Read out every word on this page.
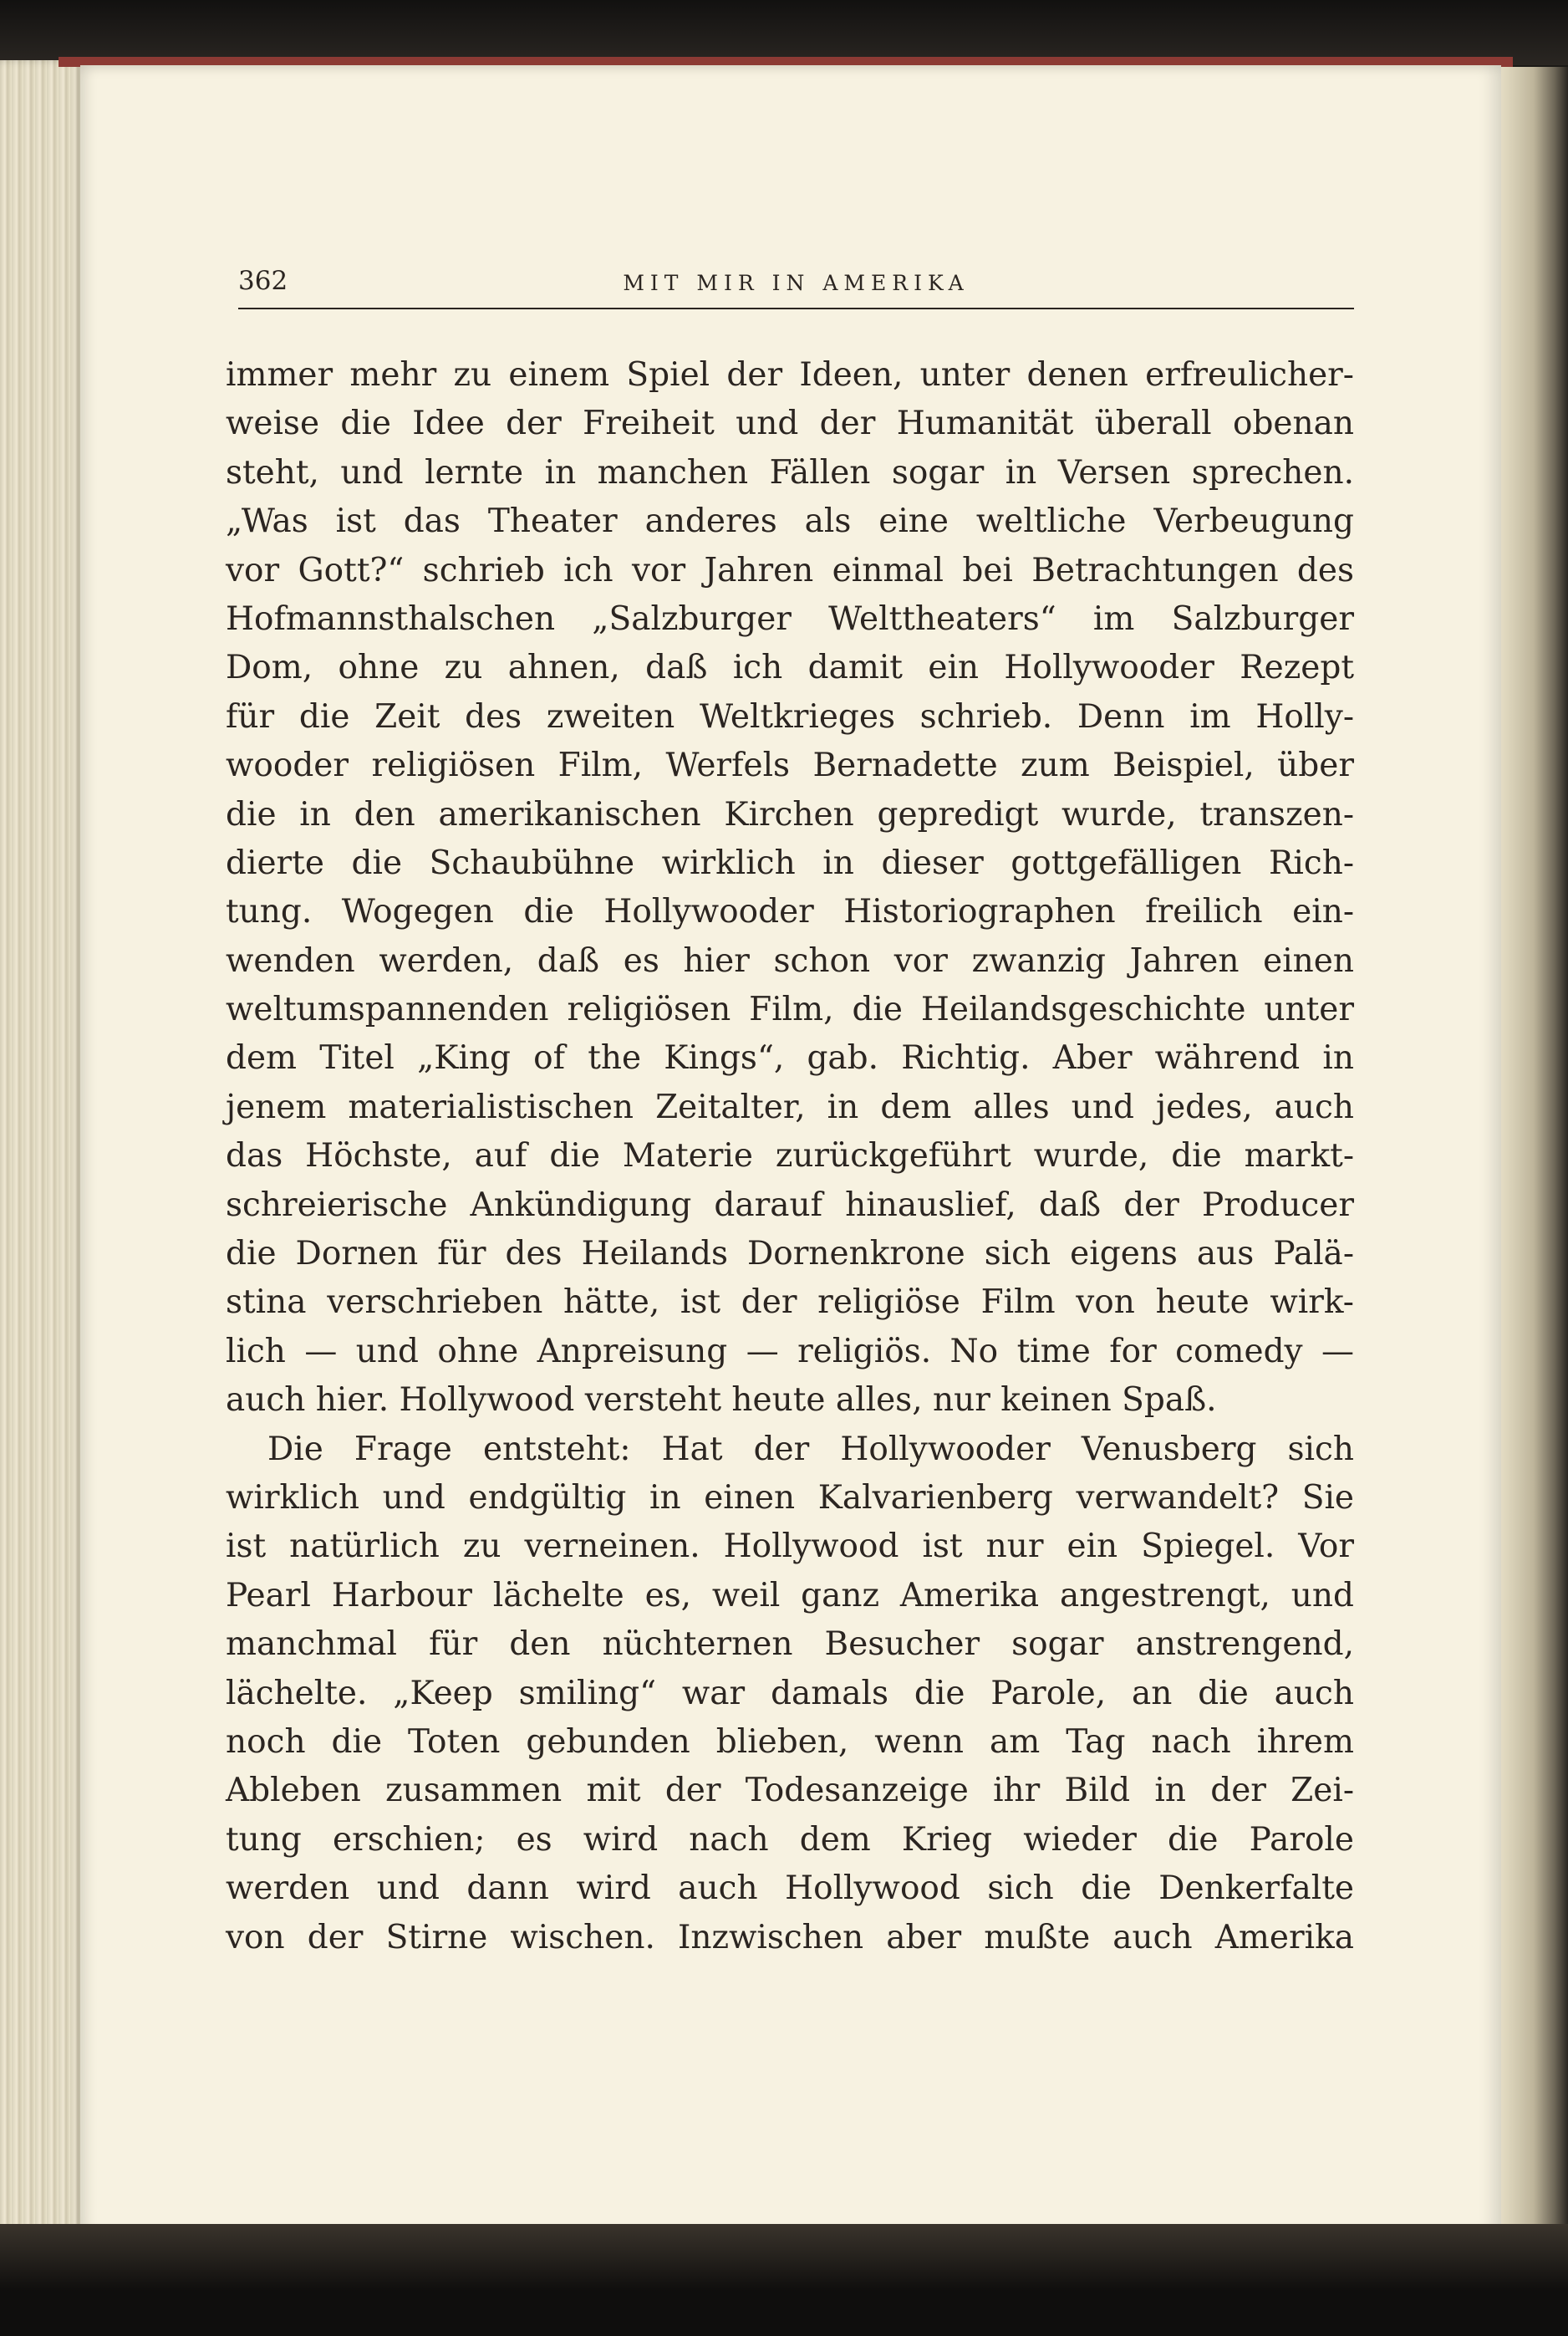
362	MIT MIR IN AMERIKA
immer mehr zu einem Spiel der Ideen, unter denen erfreulicher-
weise die Idee der Freiheit und der Humanität überall obenan
steht, und lernte in manchen Fällen sogar in Versen sprechen.
„Was ist das Theater anderes als eine weltliche Verbeugung
vor Gott?“ schrieb ich vor Jahren einmal bei Betrachtungen des
Hofmannsthalschen „Salzburger Welttheaters“ im Salzburger
Dom, ohne zu ahnen, daß ich damit ein Hollywooder Rezept
für die Zeit des zweiten Weltkrieges schrieb. Denn im Holly-
wooder religiösen Film, Werfels Bernadette zum Beispiel, über
die in den amerikanischen Kirchen gepredigt wurde, transzen-
dierte die Schaubühne wirklich in dieser gottgefälligen Rich-
tung. Wogegen die Hollywooder Historiographen freilich ein-
wenden werden, daß es hier schon vor zwanzig Jahren einen
weltumspannenden religiösen Film, die Heilandsgeschichte unter
dem Titel „King of the Kings“, gab. Richtig. Aber während in
jenem materialistischen Zeitalter, in dem alles und jedes, auch
das Höchste, auf die Materie zurückgeführt wurde, die markt-
schreierische Ankündigung darauf hinauslief, daß der Producer
die Dornen für des Heilands Dornenkrone sich eigens aus Palä-
stina verschrieben hätte, ist der religiöse Film von heute wirk-
lich — und ohne Anpreisung — religiös. No time for comedy —
auch hier. Hollywood versteht heute alles, nur keinen Spaß.
Die Frage entsteht: Hat der Hollywooder Venusberg sich
wirklich und endgültig in einen Kalvarienberg verwandelt? Sie
ist natürlich zu verneinen. Hollywood ist nur ein Spiegel. Vor
Pearl Harbour lächelte es, weil ganz Amerika angestrengt, und
manchmal für den nüchternen Besucher sogar anstrengend,
lächelte. „Keep smiling“ war damals die Parole, an die auch
noch die Toten gebunden blieben, wenn am Tag nach ihrem
Ableben zusammen mit der Todesanzeige ihr Bild in der Zei-
tung erschien; es wird nach dem Krieg wieder die Parole
werden und dann wird auch Hollywood sich die Denkerfalte
von der Stirne wischen. Inzwischen aber mußte auch Amerika
